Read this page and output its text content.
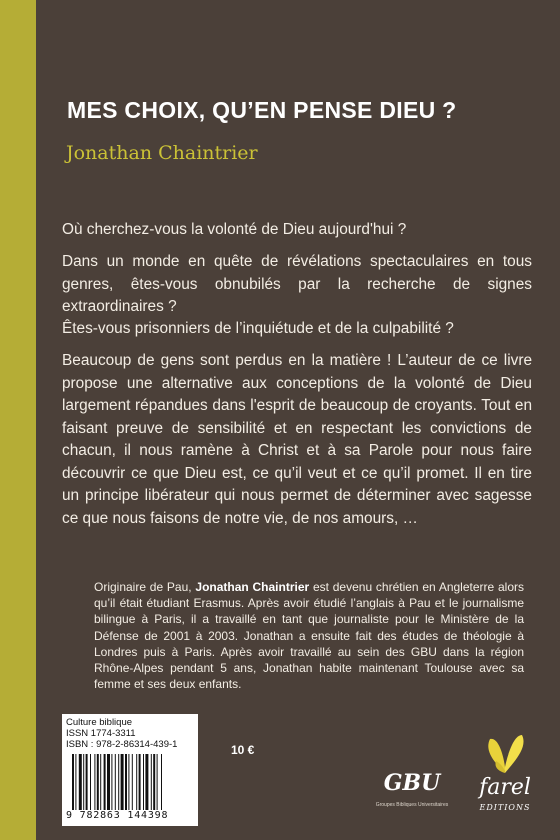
MES CHOIX, QU’EN PENSE DIEU ?
Jonathan Chaintrier
Où cherchez-vous la volonté de Dieu aujourd'hui ?
Dans un monde en quête de révélations spectaculaires en tous genres, êtes-vous obnubilés par la recherche de signes extraordinaires ?
Êtes-vous prisonniers de l’inquiétude et de la culpabilité ?
Beaucoup de gens sont perdus en la matière ! L’auteur de ce livre propose une alternative aux conceptions de la volonté de Dieu largement répandues dans l'esprit de beaucoup de croyants. Tout en faisant preuve de sensibilité et en respectant les convictions de chacun, il nous ramène à Christ et à sa Parole pour nous faire découvrir ce que Dieu est, ce qu’il veut et ce qu’il promet. Il en tire un principe libérateur qui nous permet de déterminer avec sagesse ce que nous faisons de notre vie, de nos amours, …
Originaire de Pau, Jonathan Chaintrier est devenu chrétien en Angleterre alors qu’il était étudiant Erasmus. Après avoir étudié l’anglais à Pau et le journalisme bilingue à Paris, il a travaillé en tant que journaliste pour le Ministère de la Défense de 2001 à 2003. Jonathan a ensuite fait des études de théologie à Londres puis à Paris. Après avoir travaillé au sein des GBU dans la région Rhône-Alpes pendant 5 ans, Jonathan habite maintenant Toulouse avec sa femme et ses deux enfants.
Culture biblique
ISSN 1774-3311
ISBN : 978-2-86314-439-1
9 782863 144398
10 €
GBU
Groupes Bibliques Universitaires
farel
EDITIONS
